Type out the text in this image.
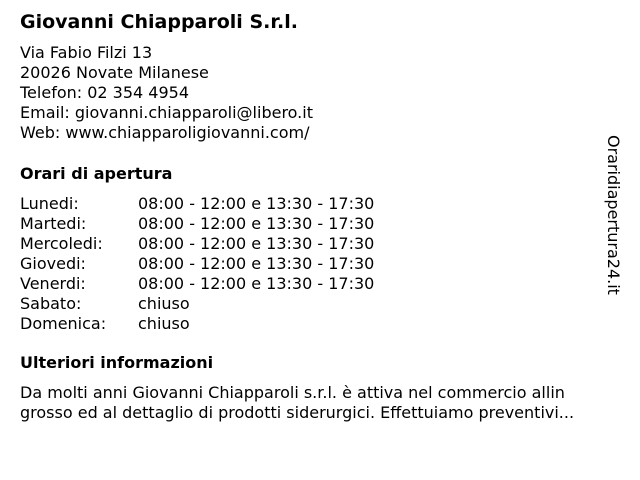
Giovanni Chiapparoli S.r.l.
Via Fabio Filzi 13
20026 Novate Milanese
Telefon: 02 354 4954
Email: giovanni.chiapparoli@libero.it
Web: www.chiapparoligiovanni.com/
Orari di apertura
Lunedi:	08:00 - 12:00 e 13:30 - 17:30
Martedi:	08:00 - 12:00 e 13:30 - 17:30
Mercoledi: 08:00 - 12:00 e 13:30 - 17:30
Giovedi:	08:00 - 12:00 e 13:30 - 17:30
Venerdi:	08:00 - 12:00 e 13:30 - 17:30
Sabato:	chiuso
Domenica: chiuso
Ulteriori informazioni
Da molti anni Giovanni Chiapparoli s.r.l. è attiva nel commercio allin
grosso ed al dettaglio di prodotti siderurgici. Effettuiamo preventivi...
Oraridiapertura24.it
